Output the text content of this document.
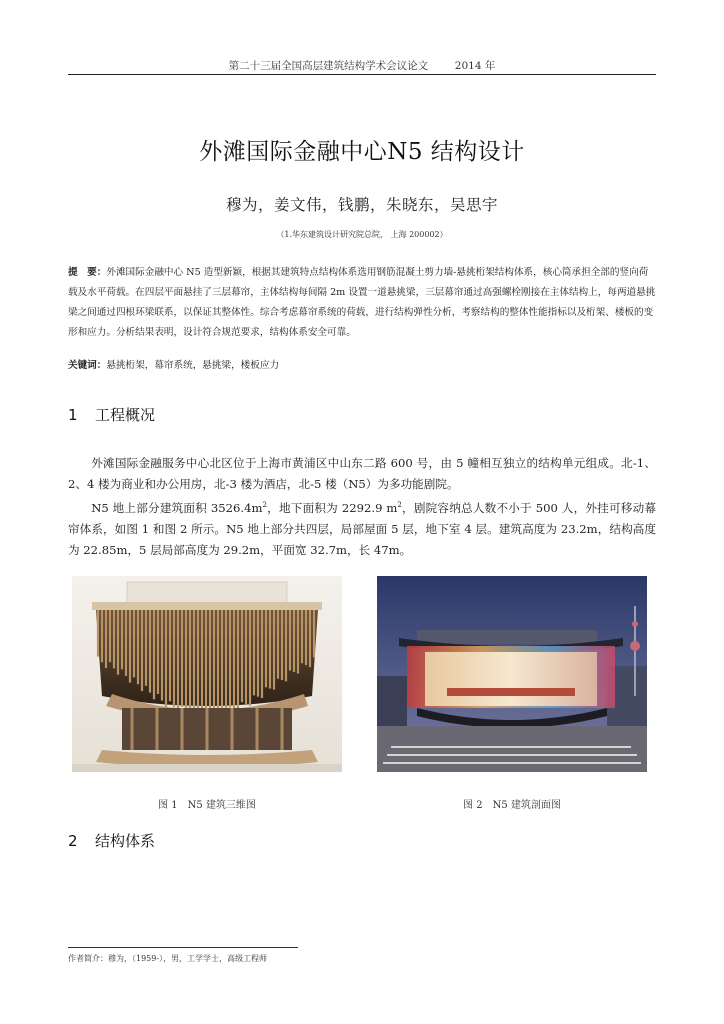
第二十三届全国高层建筑结构学术会议论文        2014 年
外滩国际金融中心N5 结构设计
穆为，姜文伟，钱鹏，朱晓东，吴思宇
（1.华东建筑设计研究院总院， 上海 200002）
提　要：外滩国际金融中心 N5 造型新颖，根据其建筑特点结构体系选用钢筋混凝土剪力墙-悬挑桁架结构体系，核心筒承担全部的竖向荷载及水平荷载。在四层平面悬挂了三层幕帘，主体结构每间隔 2m 设置一道悬挑梁，三层幕帘通过高强螺栓刚接在主体结构上，每两道悬挑梁之间通过四根环梁联系，以保证其整体性。综合考虑幕帘系统的荷载，进行结构弹性分析，考察结构的整体性能指标以及桁架、楼板的变形和应力。分析结果表明，设计符合规范要求，结构体系安全可靠。
关键词：悬挑桁架，幕帘系统，悬挑梁，楼板应力
1 工程概况

外滩国际金融服务中心北区位于上海市黄浦区中山东二路 600 号，由 5 幢相互独立的结构单元组成。北-1、2、4 楼为商业和办公用房，北-3 楼为酒店，北-5 楼（N5）为多功能剧院。

N5 地上部分建筑面积 $3526.4m^2$，地下面积为 2292.9 $m^2$，剧院容纳总人数不小于 500 人，外挂可移动幕帘体系，如图 1 和图 2 所示。N5 地上部分共四层，局部屋面 5 层，地下室 4 层。建筑高度为 23.2m，结构高度为 22.85m，5 层局部高度为 29.2m，平面宽 32.7m，长 47m。

图 1　N5 建筑三维图	图 2　N5 建筑剖面图
2 结构体系
作者简介：穆为，（1959-），男，工学学士，高级工程师
